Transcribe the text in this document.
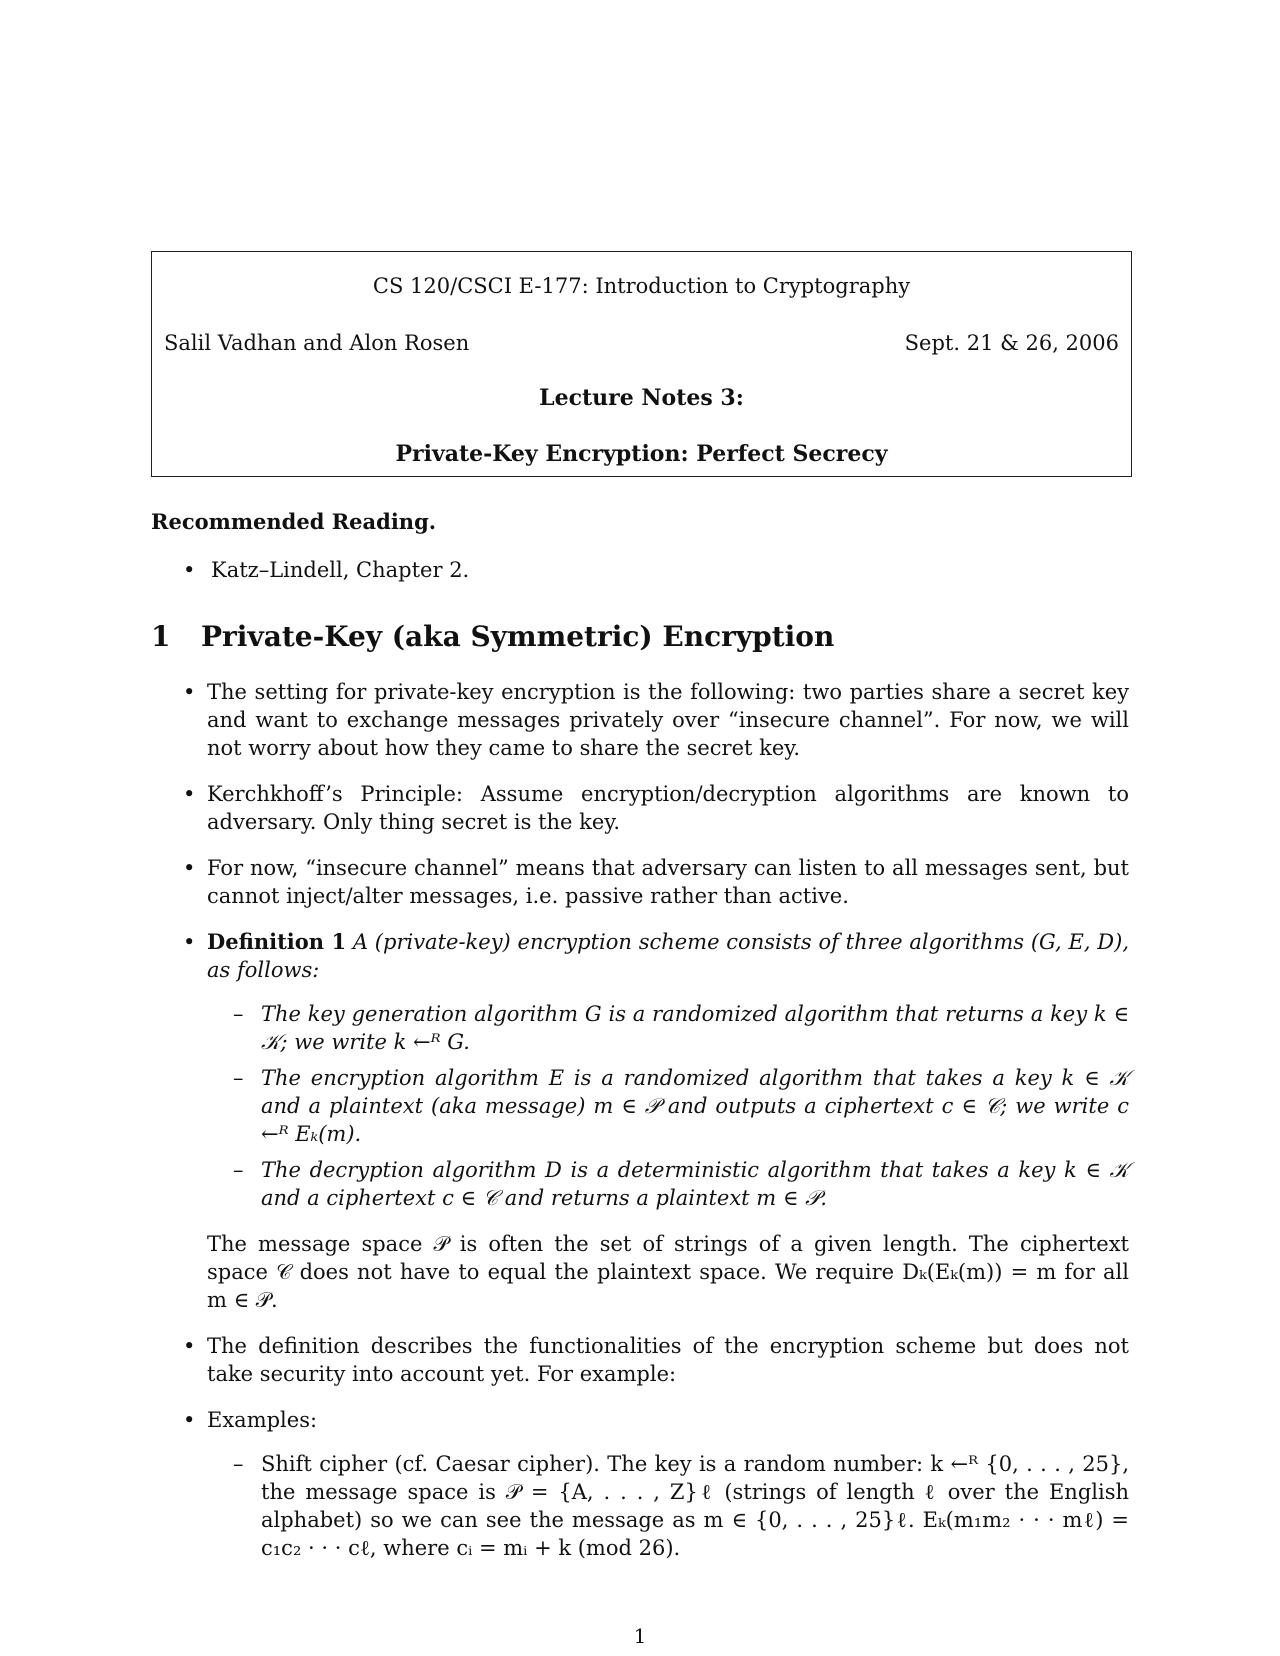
CS 120/CSCI E-177: Introduction to Cryptography
Salil Vadhan and Alon Rosen	Sept. 21 & 26, 2006
Lecture Notes 3:
Private-Key Encryption: Perfect Secrecy
Recommended Reading.
• Katz–Lindell, Chapter 2.
1 Private-Key (aka Symmetric) Encryption
• The setting for private-key encryption is the following: two parties share a secret key and want to exchange messages privately over “insecure channel”. For now, we will not worry about how they came to share the secret key.
• Kerchkhoff’s Principle: Assume encryption/decryption algorithms are known to adversary. Only thing secret is the key.
• For now, “insecure channel” means that adversary can listen to all messages sent, but cannot inject/alter messages, i.e. passive rather than active.
• Definition 1 A (private-key) encryption scheme consists of three algorithms (G, E, D), as follows:
– The key generation algorithm G is a randomized algorithm that returns a key k ∈ 𝒦; we write k ←ᴿ G.
– The encryption algorithm E is a randomized algorithm that takes a key k ∈ 𝒦 and a plaintext (aka message) m ∈ 𝒫 and outputs a ciphertext c ∈ 𝒞; we write c ←ᴿ Eₖ(m).
– The decryption algorithm D is a deterministic algorithm that takes a key k ∈ 𝒦 and a ciphertext c ∈ 𝒞 and returns a plaintext m ∈ 𝒫.
The message space 𝒫 is often the set of strings of a given length. The ciphertext space 𝒞 does not have to equal the plaintext space. We require Dₖ(Eₖ(m)) = m for all m ∈ 𝒫.
• The definition describes the functionalities of the encryption scheme but does not take security into account yet. For example:
• Examples:
– Shift cipher (cf. Caesar cipher). The key is a random number: k ←ᴿ {0, . . . , 25}, the message space is 𝒫 = {A, . . . , Z}ℓ (strings of length ℓ over the English alphabet) so we can see the message as m ∈ {0, . . . , 25}ℓ. Eₖ(m₁m₂ · · · mℓ) = c₁c₂ · · · cℓ, where cᵢ = mᵢ + k (mod 26).
1
